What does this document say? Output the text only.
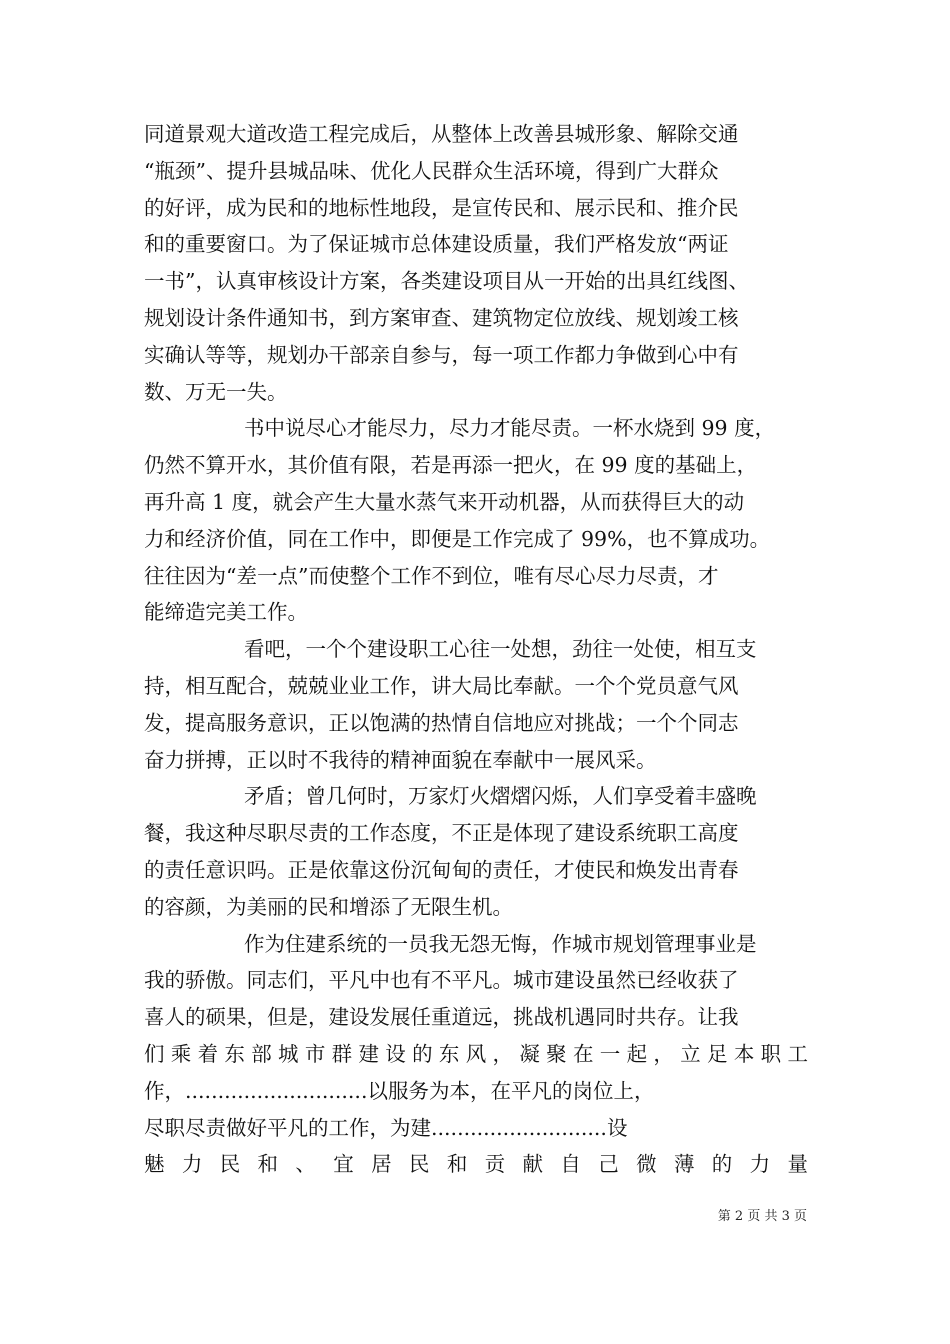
同道景观大道改造工程完成后，从整体上改善县城形象、解除交通
“瓶颈”、提升县城品味、优化人民群众生活环境，得到广大群众
的好评，成为民和的地标性地段，是宣传民和、展示民和、推介民
和的重要窗口。为了保证城市总体建设质量，我们严格发放“两证
一书”，认真审核设计方案，各类建设项目从一开始的出具红线图、
规划设计条件通知书，到方案审查、建筑物定位放线、规划竣工核
实确认等等，规划办干部亲自参与，每一项工作都力争做到心中有
数、万无一失。
书中说尽心才能尽力，尽力才能尽责。一杯水烧到 99 度，
仍然不算开水，其价值有限，若是再添一把火，在 99 度的基础上，
再升高 1 度，就会产生大量水蒸气来开动机器，从而获得巨大的动
力和经济价值，同在工作中，即便是工作完成了 99%，也不算成功。
往往因为“差一点”而使整个工作不到位，唯有尽心尽力尽责，才
能缔造完美工作。
看吧，一个个建设职工心往一处想，劲往一处使，相互支
持，相互配合，兢兢业业工作，讲大局比奉献。一个个党员意气风
发，提高服务意识，正以饱满的热情自信地应对挑战；一个个同志
奋力拼搏，正以时不我待的精神面貌在奉献中一展风采。
矛盾；曾几何时，万家灯火熠熠闪烁，人们享受着丰盛晚
餐，我这种尽职尽责的工作态度，不正是体现了建设系统职工高度
的责任意识吗。正是依靠这份沉甸甸的责任，才使民和焕发出青春
的容颜，为美丽的民和增添了无限生机。
作为住建系统的一员我无怨无悔，作城市规划管理事业是
我的骄傲。同志们，平凡中也有不平凡。城市建设虽然已经收获了
喜人的硕果，但是，建设发展任重道远，挑战机遇同时共存。让我
们乘着东部城市群建设的东风，凝聚在一起，立足本职工
作，............................以服务为本，在平凡的岗位上，
尽职尽责做好平凡的工作，为建...........................设
魅力民和、宜居民和贡献自己微薄的力量
第 2 页 共 3 页
